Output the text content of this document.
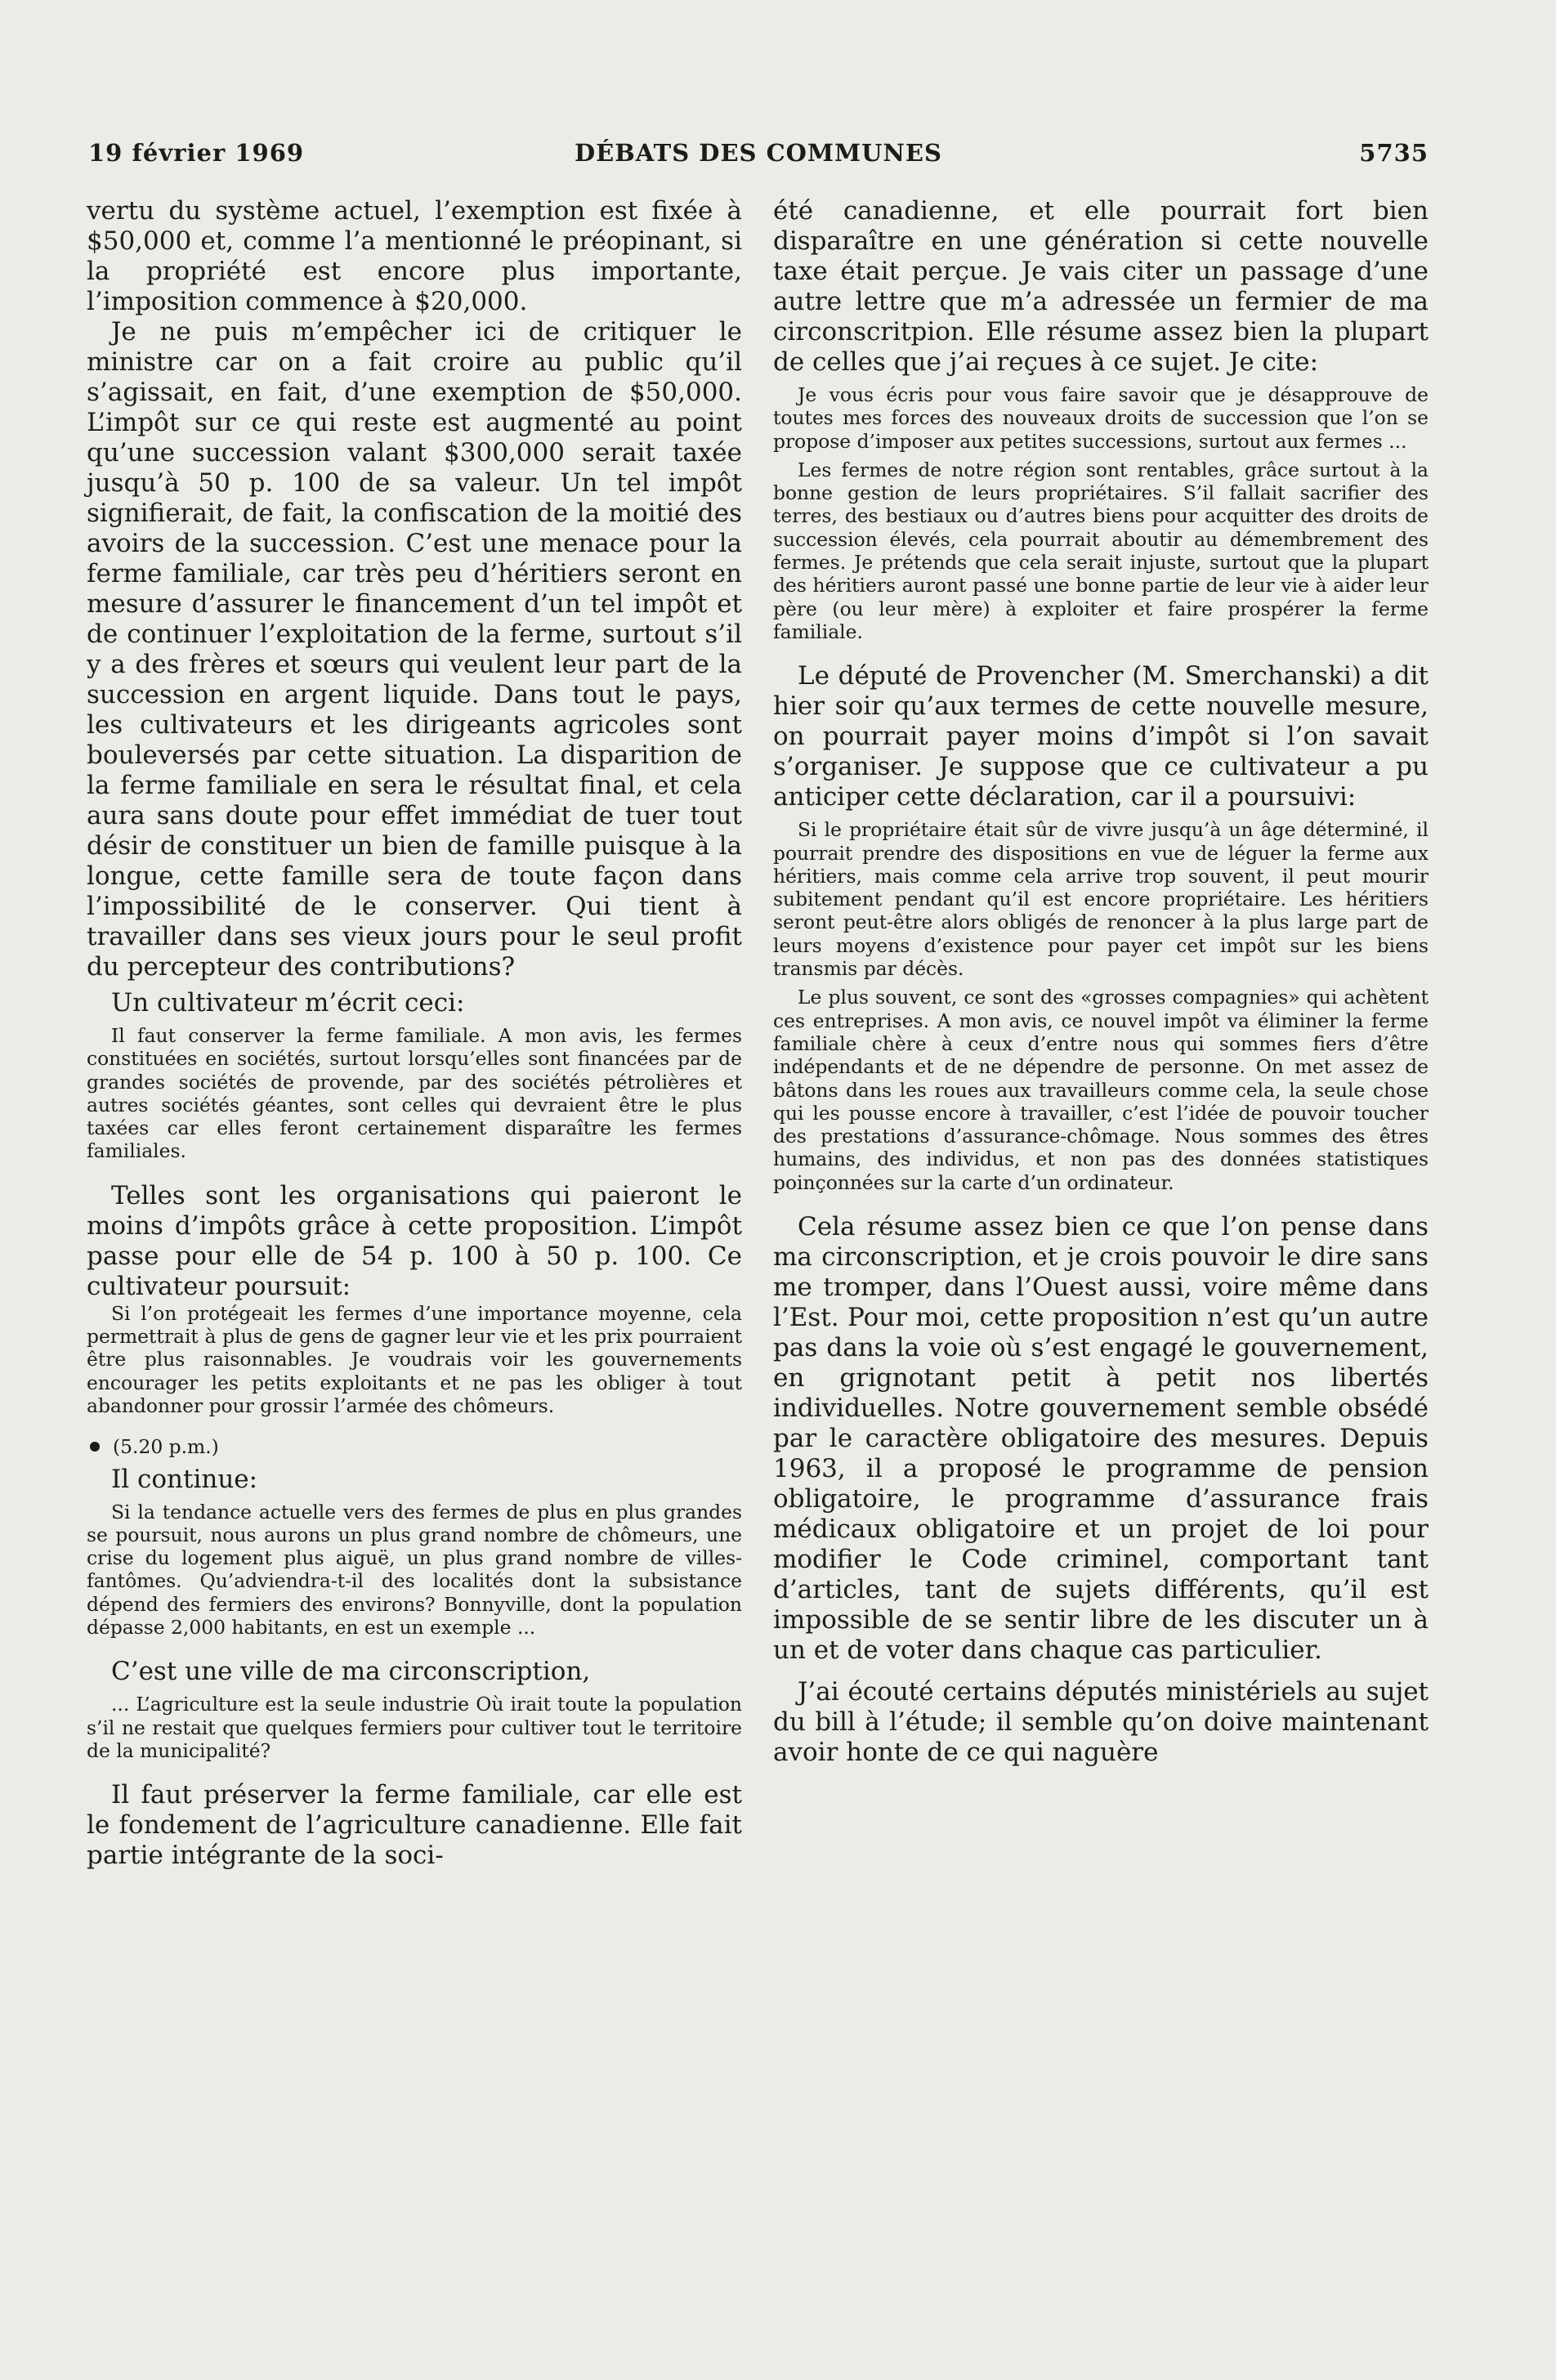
19 février 1969	DÉBATS DES COMMUNES	5735

vertu du système actuel, l’exemption est fixée à $50,000 et, comme l’a mentionné le préopinant, si la propriété est encore plus importante, l’imposition commence à $20,000.

Je ne puis m’empêcher ici de critiquer le ministre car on a fait croire au public qu’il s’agissait, en fait, d’une exemption de $50,000. L’impôt sur ce qui reste est augmenté au point qu’une succession valant $300,000 serait taxée jusqu’à 50 p. 100 de sa valeur. Un tel impôt signifierait, de fait, la confiscation de la moitié des avoirs de la succession. C’est une menace pour la ferme familiale, car très peu d’héritiers seront en mesure d’assurer le financement d’un tel impôt et de continuer l’exploitation de la ferme, surtout s’il y a des frères et sœurs qui veulent leur part de la succession en argent liquide. Dans tout le pays, les cultivateurs et les dirigeants agricoles sont bouleversés par cette situation. La disparition de la ferme familiale en sera le résultat final, et cela aura sans doute pour effet immédiat de tuer tout désir de constituer un bien de famille puisque à la longue, cette famille sera de toute façon dans l’impossibilité de le conserver. Qui tient à travailler dans ses vieux jours pour le seul profit du percepteur des contributions?

Un cultivateur m’écrit ceci:

Il faut conserver la ferme familiale. A mon avis, les fermes constituées en sociétés, surtout lorsqu’elles sont financées par de grandes sociétés de provende, par des sociétés pétrolières et autres sociétés géantes, sont celles qui devraient être le plus taxées car elles feront certainement disparaître les fermes familiales.

Telles sont les organisations qui paieront le moins d’impôts grâce à cette proposition. L’impôt passe pour elle de 54 p. 100 à 50 p. 100. Ce cultivateur poursuit:

Si l’on protégeait les fermes d’une importance moyenne, cela permettrait à plus de gens de gagner leur vie et les prix pourraient être plus raisonnables. Je voudrais voir les gouvernements encourager les petits exploitants et ne pas les obliger à tout abandonner pour grossir l’armée des chômeurs.

(5.20 p.m.)

Il continue:

Si la tendance actuelle vers des fermes de plus en plus grandes se poursuit, nous aurons un plus grand nombre de chômeurs, une crise du logement plus aiguë, un plus grand nombre de villes-fantômes. Qu’adviendra-t-il des localités dont la subsistance dépend des fermiers des environs? Bonnyville, dont la population dépasse 2,000 habitants, en est un exemple ...

C’est une ville de ma circonscription,

... L’agriculture est la seule industrie Où irait toute la population s’il ne restait que quelques fermiers pour cultiver tout le territoire de la municipalité?

Il faut préserver la ferme familiale, car elle est le fondement de l’agriculture canadienne. Elle fait partie intégrante de la soci-

été canadienne, et elle pourrait fort bien disparaître en une génération si cette nouvelle taxe était perçue. Je vais citer un passage d’une autre lettre que m’a adressée un fermier de ma circonscritpion. Elle résume assez bien la plupart de celles que j’ai reçues à ce sujet. Je cite:

Je vous écris pour vous faire savoir que je désapprouve de toutes mes forces des nouveaux droits de succession que l’on se propose d’imposer aux petites successions, surtout aux fermes ...

Les fermes de notre région sont rentables, grâce surtout à la bonne gestion de leurs propriétaires. S’il fallait sacrifier des terres, des bestiaux ou d’autres biens pour acquitter des droits de succession élevés, cela pourrait aboutir au démembrement des fermes. Je prétends que cela serait injuste, surtout que la plupart des héritiers auront passé une bonne partie de leur vie à aider leur père (ou leur mère) à exploiter et faire prospérer la ferme familiale.

Le député de Provencher (M. Smerchanski) a dit hier soir qu’aux termes de cette nouvelle mesure, on pourrait payer moins d’impôt si l’on savait s’organiser. Je suppose que ce cultivateur a pu anticiper cette déclaration, car il a poursuivi:

Si le propriétaire était sûr de vivre jusqu’à un âge déterminé, il pourrait prendre des dispositions en vue de léguer la ferme aux héritiers, mais comme cela arrive trop souvent, il peut mourir subitement pendant qu’il est encore propriétaire. Les héritiers seront peut-être alors obligés de renoncer à la plus large part de leurs moyens d’existence pour payer cet impôt sur les biens transmis par décès.

Le plus souvent, ce sont des «grosses compagnies» qui achètent ces entreprises. A mon avis, ce nouvel impôt va éliminer la ferme familiale chère à ceux d’entre nous qui sommes fiers d’être indépendants et de ne dépendre de personne. On met assez de bâtons dans les roues aux travailleurs comme cela, la seule chose qui les pousse encore à travailler, c’est l’idée de pouvoir toucher des prestations d’assurance-chômage. Nous sommes des êtres humains, des individus, et non pas des données statistiques poinçonnées sur la carte d’un ordinateur.

Cela résume assez bien ce que l’on pense dans ma circonscription, et je crois pouvoir le dire sans me tromper, dans l’Ouest aussi, voire même dans l’Est. Pour moi, cette proposition n’est qu’un autre pas dans la voie où s’est engagé le gouvernement, en grignotant petit à petit nos libertés individuelles. Notre gouvernement semble obsédé par le caractère obligatoire des mesures. Depuis 1963, il a proposé le programme de pension obligatoire, le programme d’assurance frais médicaux obligatoire et un projet de loi pour modifier le Code criminel, comportant tant d’articles, tant de sujets différents, qu’il est impossible de se sentir libre de les discuter un à un et de voter dans chaque cas particulier.

J’ai écouté certains députés ministériels au sujet du bill à l’étude; il semble qu’on doive maintenant avoir honte de ce qui naguère
